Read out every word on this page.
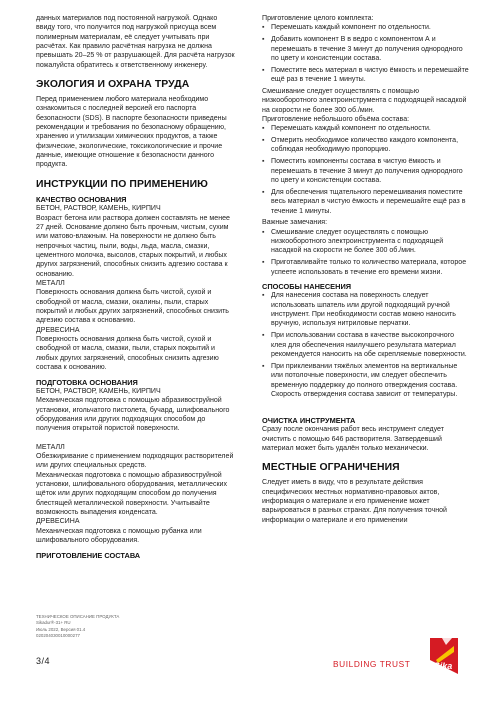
данных материалов под постоянной нагрузкой. Однако ввиду того, что получится под нагрузкой присуща всем полимерным материалам, её следует учитывать при расчётах. Как правило расчётная нагрузка не должна превышать 20–25 % от разрушающей. Для расчёта нагрузок пожалуйста обратитесь к ответственному инженеру.

ЭКОЛОГИЯ И ОХРАНА ТРУДА

Перед применением любого материала необходимо ознакомиться с последней версией его паспорта безопасности (SDS). В паспорте безопасности приведены рекомендации и требования по безопасному обращению, хранению и утилизации химических продуктов, а также физические, экологические, токсикологические и прочие данные, имеющие отношение к безопасности данного продукта.

ИНСТРУКЦИИ ПО ПРИМЕНЕНИЮ
КАЧЕСТВО ОСНОВАНИЯ
БЕТОН, РАСТВОР, КАМЕНЬ, КИРПИЧ

Возраст бетона или раствора должен составлять не менее 27 дней. Основание должно быть прочным, чистым, сухим или матово-влажным. На поверхности не должно быть непрочных частиц, пыли, воды, льда, масла, смазки, цементного молочка, высолов, старых покрытий, и любых других загрязнений, способных снизить адгезию состава к основанию.

МЕТАЛЛ

Поверхность основания должна быть чистой, сухой и свободной от масла, смазки, окалины, пыли, старых покрытий и любых других загрязнений, способных снизить адгезию состава к основанию.

ДРЕВЕСИНА

Поверхность основания должна быть чистой, сухой и свободной от масла, смазки, пыли, старых покрытий и любых других загрязнений, способных снизить адгезию состава к основанию.

ПОДГОТОВКА ОСНОВАНИЯ
БЕТОН, РАСТВОР, КАМЕНЬ, КИРПИЧ

Механическая подготовка с помощью абразивоструйной установки, игольчатого пистолета, бучард, шлифовального оборудования или других подходящих способом до получения открытой пористой поверхности.

МЕТАЛЛ

Обезжиривание с применением подходящих растворителей или других специальных средств.

Механическая подготовка с помощью абразивоструйной установки, шлифовального оборудования, металлических щёток или других подходящим способом до получения блестящей металлической поверхности. Учитывайте возможность выпадения конденсата.

ДРЕВЕСИНА

Механическая подготовка с помощью рубанка или шлифовального оборудования.

ПРИГОТОВЛЕНИЕ СОСТАВА

Приготовление целого комплекта:

▪ Перемешать каждый компонент по отдельности.
▪ Добавить компонент В в ведро с компонентом А и перемешать в течение 3 минут до получения однородного по цвету и консистенции состава.
▪ Поместите весь материал в чистую ёмкость и перемешайте ещё раз в течение 1 минуты.

Смешивание следует осуществлять с помощью низкооборотного электроинструмента с подходящей насадкой на скорости не более 300 об./мин.

Приготовление небольшого объёма состава:

▪ Перемешать каждый компонент по отдельности.
▪ Отмерить необходимое количество каждого компонента, соблюдая необходимую пропорцию.
▪ Поместить компоненты состава в чистую ёмкость и перемешать в течение 3 минут до получения однородного по цвету и консистенции состава.
▪ Для обеспечения тщательного перемешивания поместите весь материал в чистую ёмкость и перемешайте ещё раз в течение 1 минуты.

Важные замечания:

▪ Смешивание следует осуществлять с помощью низкооборотного электроинструмента с подходящей насадкой на скорости не более 300 об./мин.
▪ Приготавливайте только то количество материала, которое успеете использовать в течение его времени жизни.
СПОСОБЫ НАНЕСЕНИЯ
▪ Для нанесения состава на поверхность следует использовать шпатель или другой подходящий ручной инструмент. При необходимости состав можно наносить вручную, используя нитриловые перчатки.
▪ При использовании состава в качестве высокопрочного клея для обеспечения наилучшего результата материал рекомендуется наносить на обе скрепляемые поверхности.
▪ При приклеивании тяжёлых элементов на вертикальные или потолочные поверхности, им следует обеспечить временную поддержку до полного отверждения состава. Скорость отверждения состава зависит от температуры.
ОЧИСТКА ИНСТРУМЕНТА

Сразу после окончания работ весь инструмент следует очистить с помощью 646 растворителя. Затвердевший материал может быть удалён только механически.

МЕСТНЫЕ ОГРАНИЧЕНИЯ

Следует иметь в виду, что в результате действия специфических местных нормативно-правовых актов, информация о материале и его применение может варьироваться в разных странах. Для получения точной информации о материале и его применении

ТЕХНИЧЕСКОЕ ОПИСАНИЕ ПРОДУКТА
Sikadur®-31+ RU
Июль 2022, Версия 01.4
020204030010000277
3/4	BUILDING TRUST	Sika
